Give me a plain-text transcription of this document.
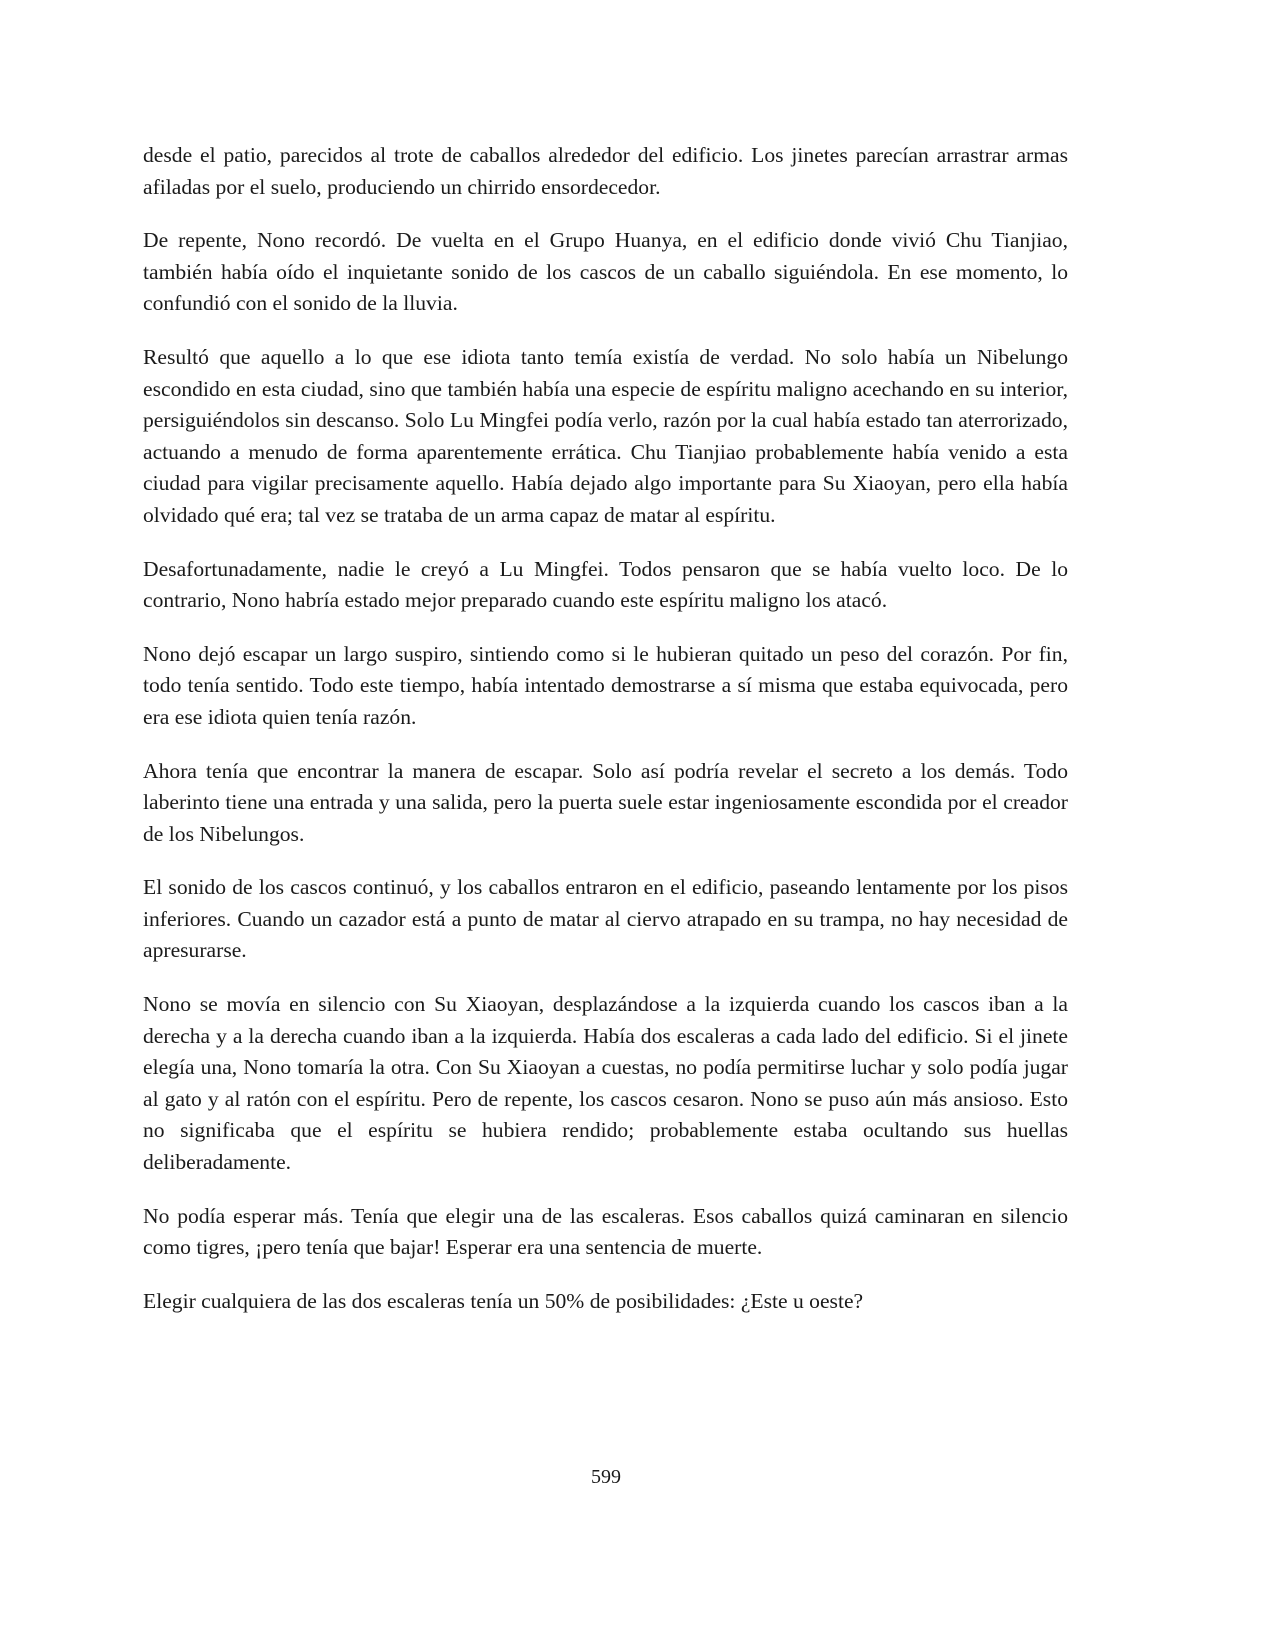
desde el patio, parecidos al trote de caballos alrededor del edificio. Los jinetes parecían arrastrar armas afiladas por el suelo, produciendo un chirrido ensordecedor.

De repente, Nono recordó. De vuelta en el Grupo Huanya, en el edificio donde vivió Chu Tianjiao, también había oído el inquietante sonido de los cascos de un caballo siguiéndola. En ese momento, lo confundió con el sonido de la lluvia.

Resultó que aquello a lo que ese idiota tanto temía existía de verdad. No solo había un Nibelungo escondido en esta ciudad, sino que también había una especie de espíritu maligno acechando en su interior, persiguiéndolos sin descanso. Solo Lu Mingfei podía verlo, razón por la cual había estado tan aterrorizado, actuando a menudo de forma aparentemente errática. Chu Tianjiao probablemente había venido a esta ciudad para vigilar precisamente aquello. Había dejado algo importante para Su Xiaoyan, pero ella había olvidado qué era; tal vez se trataba de un arma capaz de matar al espíritu.

Desafortunadamente, nadie le creyó a Lu Mingfei. Todos pensaron que se había vuelto loco. De lo contrario, Nono habría estado mejor preparado cuando este espíritu maligno los atacó.

Nono dejó escapar un largo suspiro, sintiendo como si le hubieran quitado un peso del corazón. Por fin, todo tenía sentido. Todo este tiempo, había intentado demostrarse a sí misma que estaba equivocada, pero era ese idiota quien tenía razón.

Ahora tenía que encontrar la manera de escapar. Solo así podría revelar el secreto a los demás. Todo laberinto tiene una entrada y una salida, pero la puerta suele estar ingeniosamente escondida por el creador de los Nibelungos.

El sonido de los cascos continuó, y los caballos entraron en el edificio, paseando lentamente por los pisos inferiores. Cuando un cazador está a punto de matar al ciervo atrapado en su trampa, no hay necesidad de apresurarse.

Nono se movía en silencio con Su Xiaoyan, desplazándose a la izquierda cuando los cascos iban a la derecha y a la derecha cuando iban a la izquierda. Había dos escaleras a cada lado del edificio. Si el jinete elegía una, Nono tomaría la otra. Con Su Xiaoyan a cuestas, no podía permitirse luchar y solo podía jugar al gato y al ratón con el espíritu. Pero de repente, los cascos cesaron. Nono se puso aún más ansioso. Esto no significaba que el espíritu se hubiera rendido; probablemente estaba ocultando sus huellas deliberadamente.

No podía esperar más. Tenía que elegir una de las escaleras. Esos caballos quizá caminaran en silencio como tigres, ¡pero tenía que bajar! Esperar era una sentencia de muerte.

Elegir cualquiera de las dos escaleras tenía un 50% de posibilidades: ¿Este u oeste?

599
